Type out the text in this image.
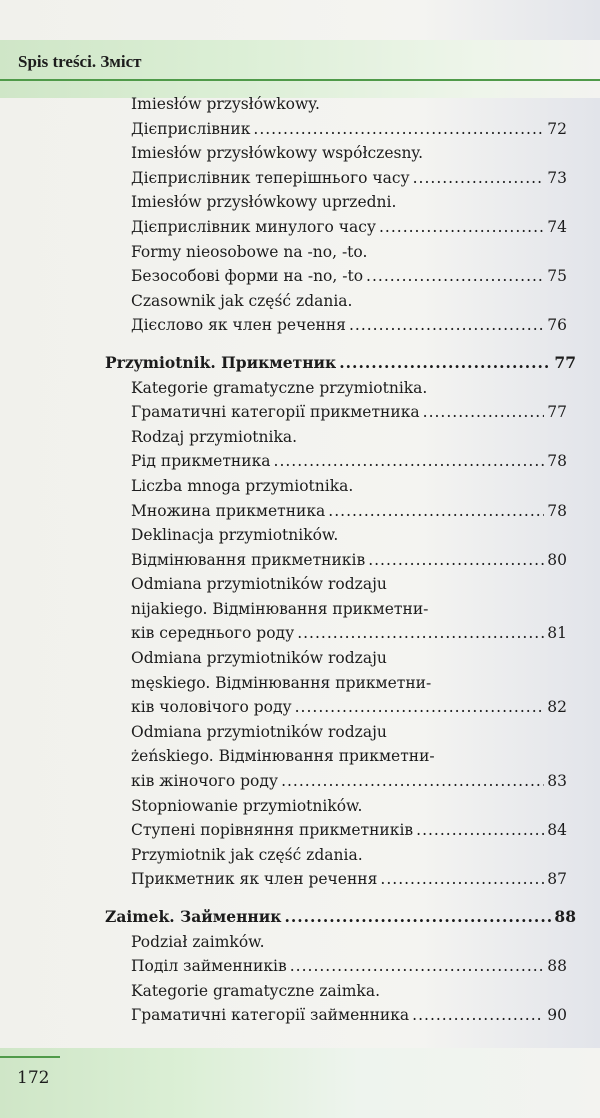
Spis treści. Зміст
Imiesłów przysłówkowy.
Дієприслівник .....	72
Imiesłów przysłówkowy współczesny.
Дієприслівник теперішнього часу .....	73
Imiesłów przysłówkowy uprzedni.
Дієприслівник минулого часу .....	74
Formy nieosobowe na -no, -to.
Безособові форми на -no, -to .....	75
Czasownik jak część zdania.
Дієслово як член речення .....	76
Przymiotnik. Прикметник .....	77
Kategorie gramatyczne przymiotnika.
Граматичні категорії прикметника .....	77
Rodzaj przymiotnika.
Рід прикметника .....	78
Liczba mnoga przymiotnika.
Множина прикметника .....	78
Deklinacja przymiotników.
Відмінювання прикметників .....	80
Odmiana przymiotników rodzaju
nijakiego. Відмінювання прикметни-
ків середнього роду .....	81
Odmiana przymiotników rodzaju
męskiego. Відмінювання прикметни-
ків чоловічого роду .....	82
Odmiana przymiotników rodzaju
żeńskiego. Відмінювання прикметни-
ків жіночого роду .....	83
Stopniowanie przymiotników.
Ступені порівняння прикметників .....	84
Przymiotnik jak część zdania.
Прикметник як член речення .....	87
Zaimek. Займенник .....	88
Podział zaimków.
Поділ займенників .....	88
Kategorie gramatyczne zaimka.
Граматичні категорії займенника .....	90
172
